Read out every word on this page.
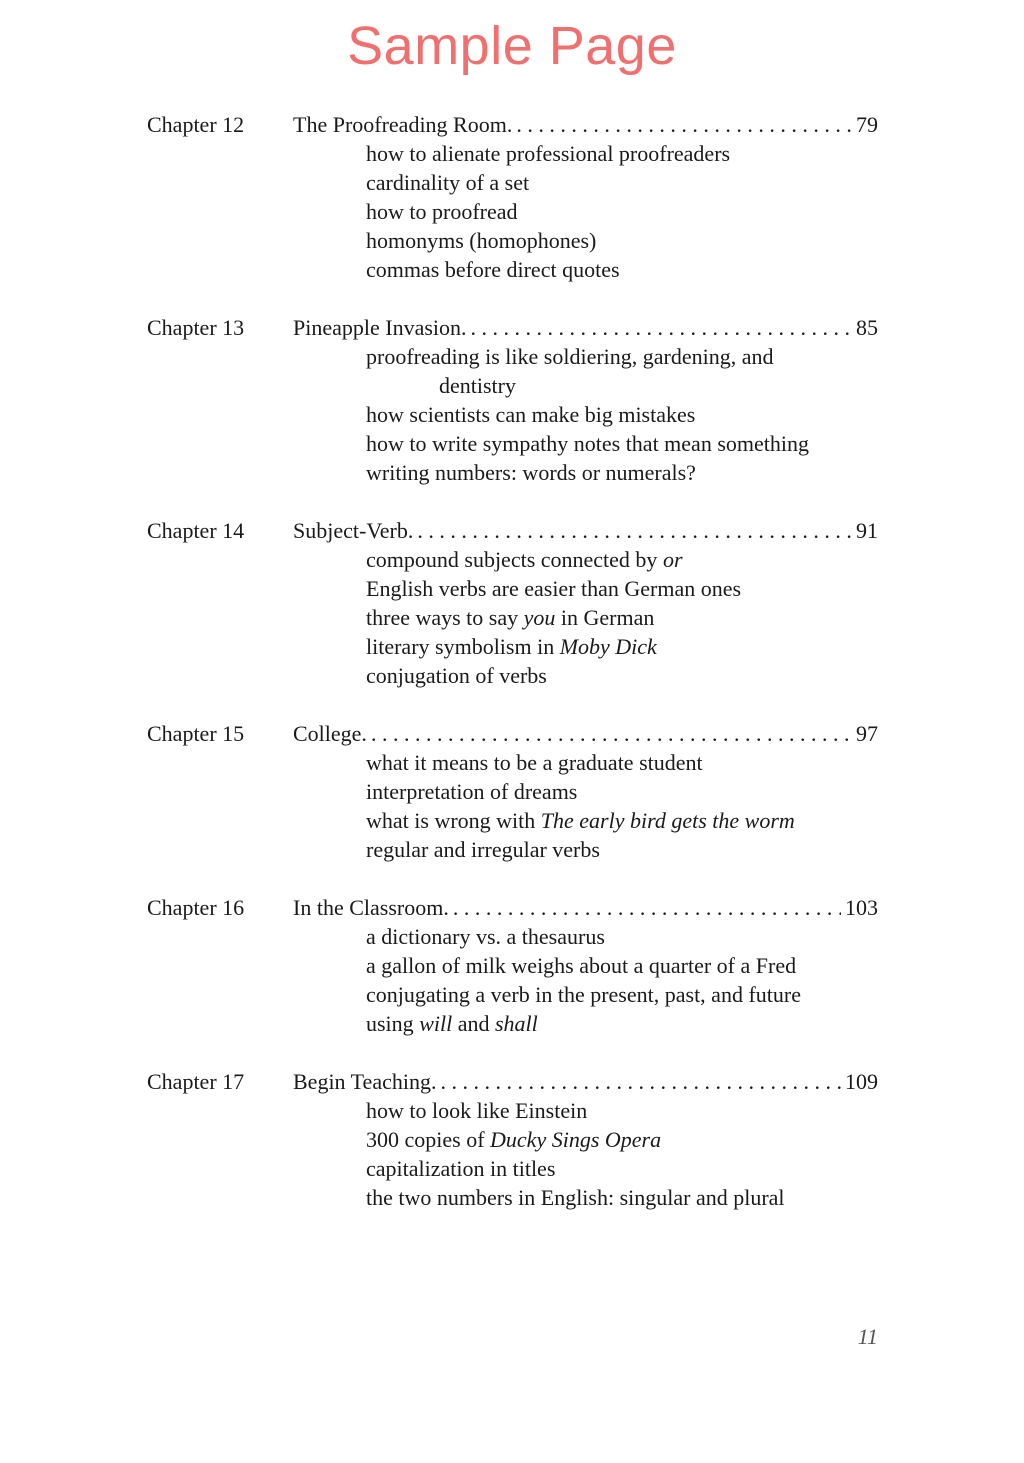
Sample Page
Chapter 12	The Proofreading Room. . . .	79
how to alienate professional proofreaders
cardinality of a set
how to proofread
homonyms (homophones)
commas before direct quotes
Chapter 13	Pineapple Invasion. . . .	85
proofreading is like soldiering, gardening, and
dentistry
how scientists can make big mistakes
how to write sympathy notes that mean something
writing numbers: words or numerals?
Chapter 14	Subject-Verb. . . .	91
compound subjects connected by or
English verbs are easier than German ones
three ways to say you in German
literary symbolism in Moby Dick
conjugation of verbs
Chapter 15	College. . . .	97
what it means to be a graduate student
interpretation of dreams
what is wrong with The early bird gets the worm
regular and irregular verbs
Chapter 16	In the Classroom. . . .	103
a dictionary vs. a thesaurus
a gallon of milk weighs about a quarter of a Fred
conjugating a verb in the present, past, and future
using will and shall
Chapter 17	Begin Teaching. . . .	109
how to look like Einstein
300 copies of Ducky Sings Opera
capitalization in titles
the two numbers in English: singular and plural
11
